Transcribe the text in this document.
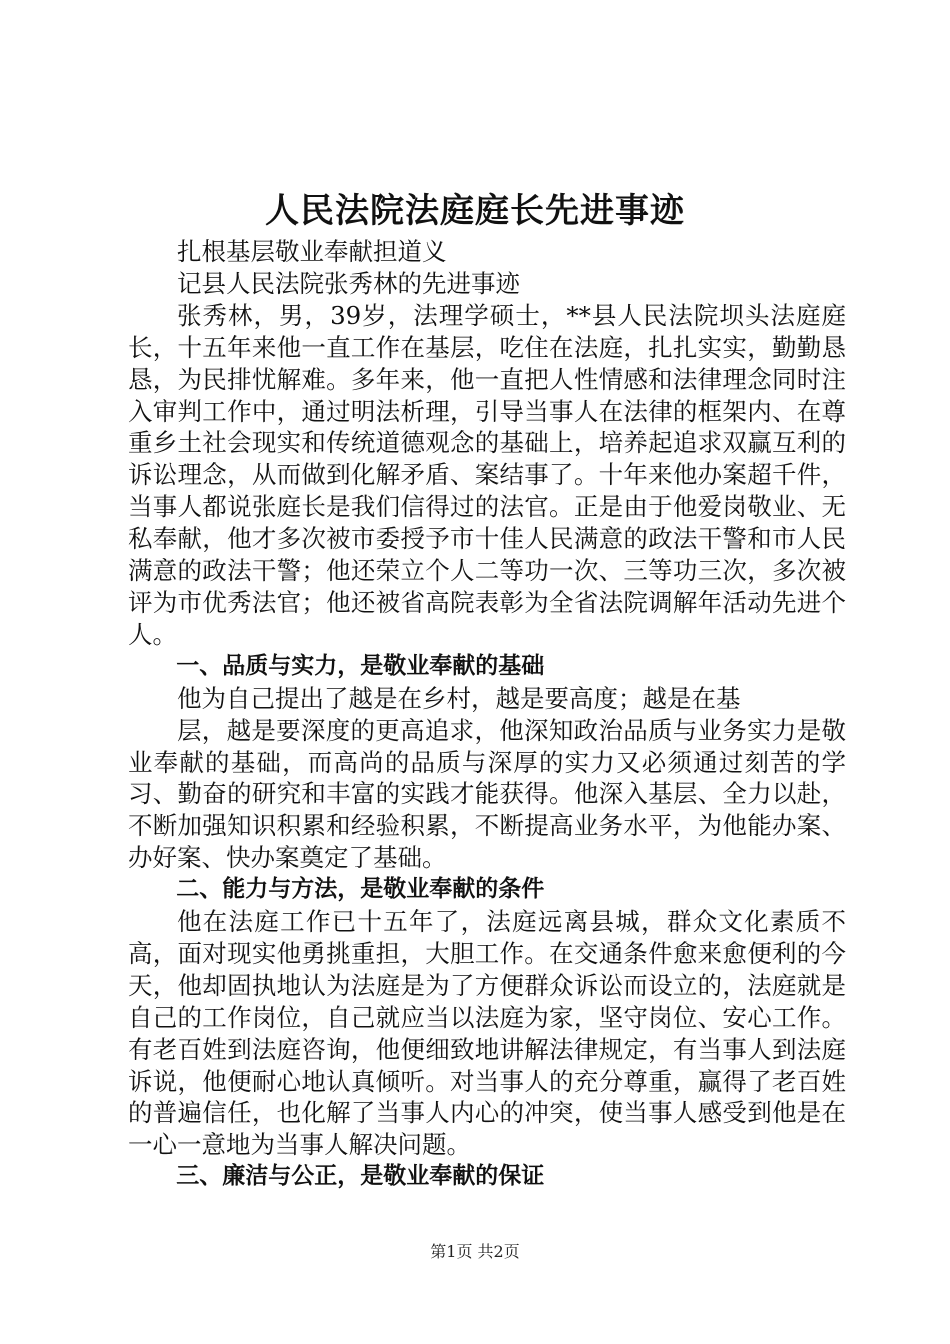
人民法院法庭庭长先进事迹

扎根基层敬业奉献担道义

记县人民法院张秀林的先进事迹

张秀林，男，39岁，法理学硕士，**县人民法院坝头法庭庭长，十五年来他一直工作在基层，吃住在法庭，扎扎实实，勤勤恳恳，为民排忧解难。多年来，他一直把人性情感和法律理念同时注入审判工作中，通过明法析理，引导当事人在法律的框架内、在尊重乡土社会现实和传统道德观念的基础上，培养起追求双赢互利的诉讼理念，从而做到化解矛盾、案结事了。十年来他办案超千件，当事人都说张庭长是我们信得过的法官。正是由于他爱岗敬业、无私奉献，他才多次被市委授予市十佳人民满意的政法干警和市人民满意的政法干警；他还荣立个人二等功一次、三等功三次，多次被评为市优秀法官；他还被省高院表彰为全省法院调解年活动先进个人。

一、品质与实力，是敬业奉献的基础

他为自己提出了越是在乡村，越是要高度；越是在基

层，越是要深度的更高追求，他深知政治品质与业务实力是敬业奉献的基础，而高尚的品质与深厚的实力又必须通过刻苦的学习、勤奋的研究和丰富的实践才能获得。他深入基层、全力以赴，不断加强知识积累和经验积累，不断提高业务水平，为他能办案、办好案、快办案奠定了基础。

二、能力与方法，是敬业奉献的条件

他在法庭工作已十五年了，法庭远离县城，群众文化素质不高，面对现实他勇挑重担，大胆工作。在交通条件愈来愈便利的今天，他却固执地认为法庭是为了方便群众诉讼而设立的，法庭就是自己的工作岗位，自己就应当以法庭为家，坚守岗位、安心工作。有老百姓到法庭咨询，他便细致地讲解法律规定，有当事人到法庭诉说，他便耐心地认真倾听。对当事人的充分尊重，赢得了老百姓的普遍信任，也化解了当事人内心的冲突，使当事人感受到他是在一心一意地为当事人解决问题。

三、廉洁与公正，是敬业奉献的保证

第1页 共2页
